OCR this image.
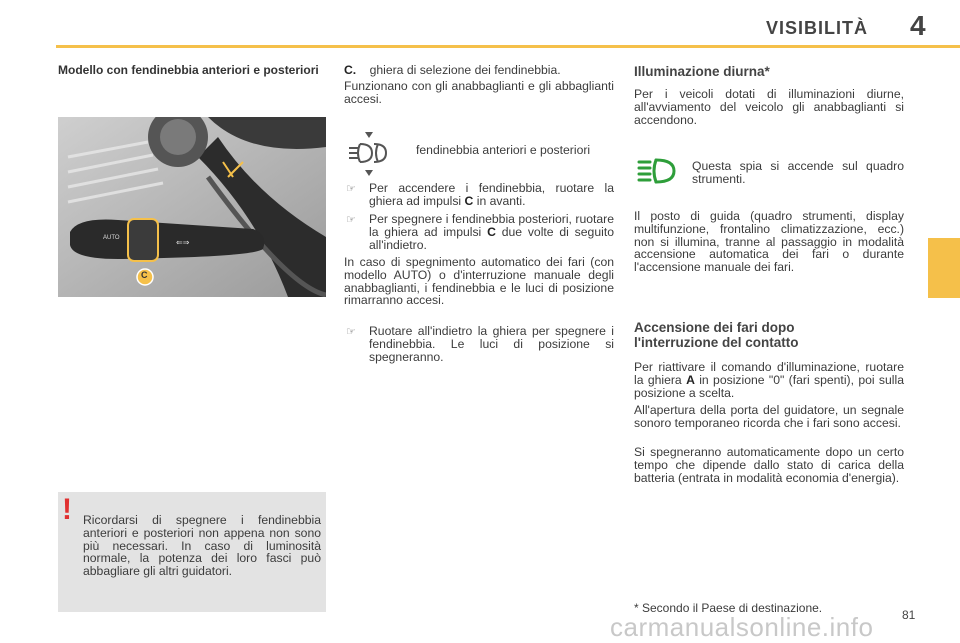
VISIBILITÀ 4
Modello con fendinebbia anteriori e posteriori
AUTO	⇐⇒
C
! Ricordarsi di spegnere i fendinebbia anteriori e posteriori non appena non sono più necessari. In caso di luminosità normale, la potenza dei loro fasci può abbagliare gli altri guidatori.
C. ghiera di selezione dei fendinebbia.
Funzionano con gli anabbaglianti e gli abbaglianti accesi.
fendinebbia anteriori e posteriori
☞ Per accendere i fendinebbia, ruotare la ghiera ad impulsi C in avanti.
☞ Per spegnere i fendinebbia posteriori, ruotare la ghiera ad impulsi C due volte di seguito all'indietro.
In caso di spegnimento automatico dei fari (con modello AUTO) o d'interruzione manuale degli anabbaglianti, i fendinebbia e le luci di posizione rimarranno accesi.
☞ Ruotare all'indietro la ghiera per spegnere i fendinebbia. Le luci di posizione si spegneranno.
Illuminazione diurna*
Per i veicoli dotati di illuminazioni diurne, all'avviamento del veicolo gli anabbaglianti si accendono.
Questa spia si accende sul quadro strumenti.
Il posto di guida (quadro strumenti, display multifunzione, frontalino climatizzazione, ecc.) non si illumina, tranne al passaggio in modalità accensione automatica dei fari o durante l'accensione manuale dei fari.
Accensione dei fari dopo l'interruzione del contatto
Per riattivare il comando d'illuminazione, ruotare la ghiera A in posizione "0" (fari spenti), poi sulla posizione a scelta.
All'apertura della porta del guidatore, un segnale sonoro temporaneo ricorda che i fari sono accesi.
Si spegneranno automaticamente dopo un certo tempo che dipende dallo stato di carica della batteria (entrata in modalità economia d'energia).
* Secondo il Paese di destinazione.	81
carmanualsonline.info
